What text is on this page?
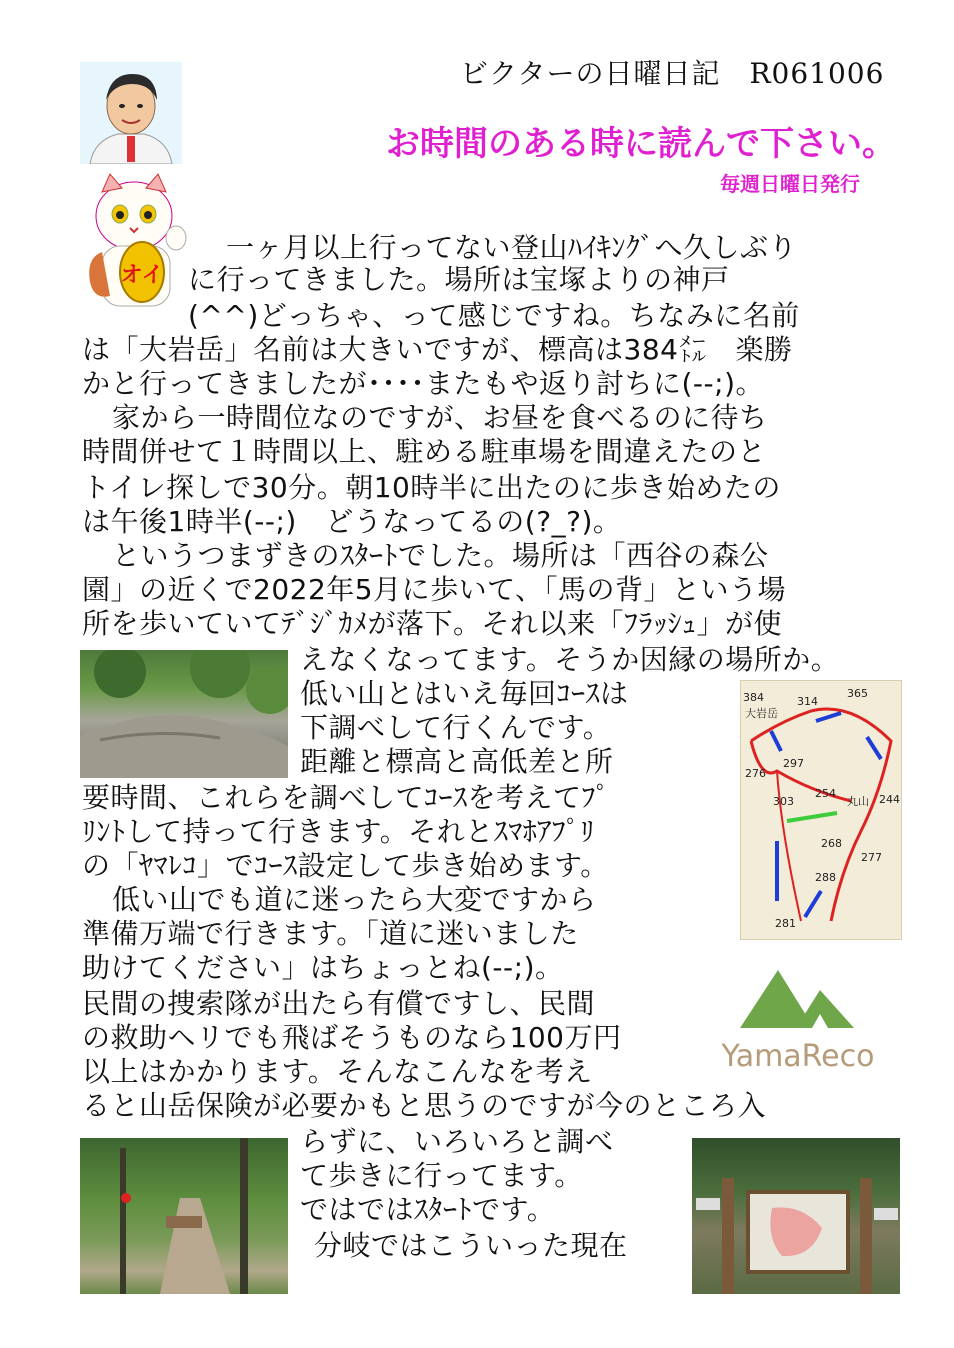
ビクターの日曜日記　R061006
お時間のある時に読んで下さい。
毎週日曜日発行
オイ
一ヶ月以上行ってない登山ﾊｲｷﾝｸﾞへ久しぶり
に行ってきました。場所は宝塚よりの神戸
(^^)どっちゃ、って感じですね。ちなみに名前
は「大岩岳」名前は大きいですが、標高は384㍍　楽勝
かと行ってきましたが････またもや返り討ちに(--;)。
家から一時間位なのですが、お昼を食べるのに待ち
時間併せて１時間以上、駐める駐車場を間違えたのと
トイレ探しで30分。朝10時半に出たのに歩き始めたの
は午後1時半(--;)　どうなってるの(?_?)。
というつまずきのｽﾀｰﾄでした。場所は「西谷の森公
園」の近くで2022年5月に歩いて、「馬の背」という場
所を歩いていてﾃﾞｼﾞｶﾒが落下。それ以来「ﾌﾗｯｼｭ」が使
えなくなってます。そうか因縁の場所か。
低い山とはいえ毎回ｺｰｽは
下調べして行くんです。
距離と標高と高低差と所
要時間、これらを調べしてｺｰｽを考えてﾌﾟ
ﾘﾝﾄして持って行きます。それとｽﾏﾎｱﾌﾟﾘ
の「ﾔﾏﾚｺ」でｺｰｽ設定して歩き始めます。
低い山でも道に迷ったら大変ですから
準備万端で行きます。「道に迷いました
助けてください」はちょっとね(--;)。
民間の捜索隊が出たら有償ですし、民間
の救助ヘリでも飛ばそうものなら100万円
以上はかかります。そんなこんなを考え
ると山岳保険が必要かもと思うのですが今のところ入
らずに、いろいろと調べ
て歩きに行ってます。
ではではｽﾀｰﾄです。
分岐ではこういった現在
384	314
365
大岩岳
297
276
303
254	244
丸山
268
277
288
281
YamaReco
